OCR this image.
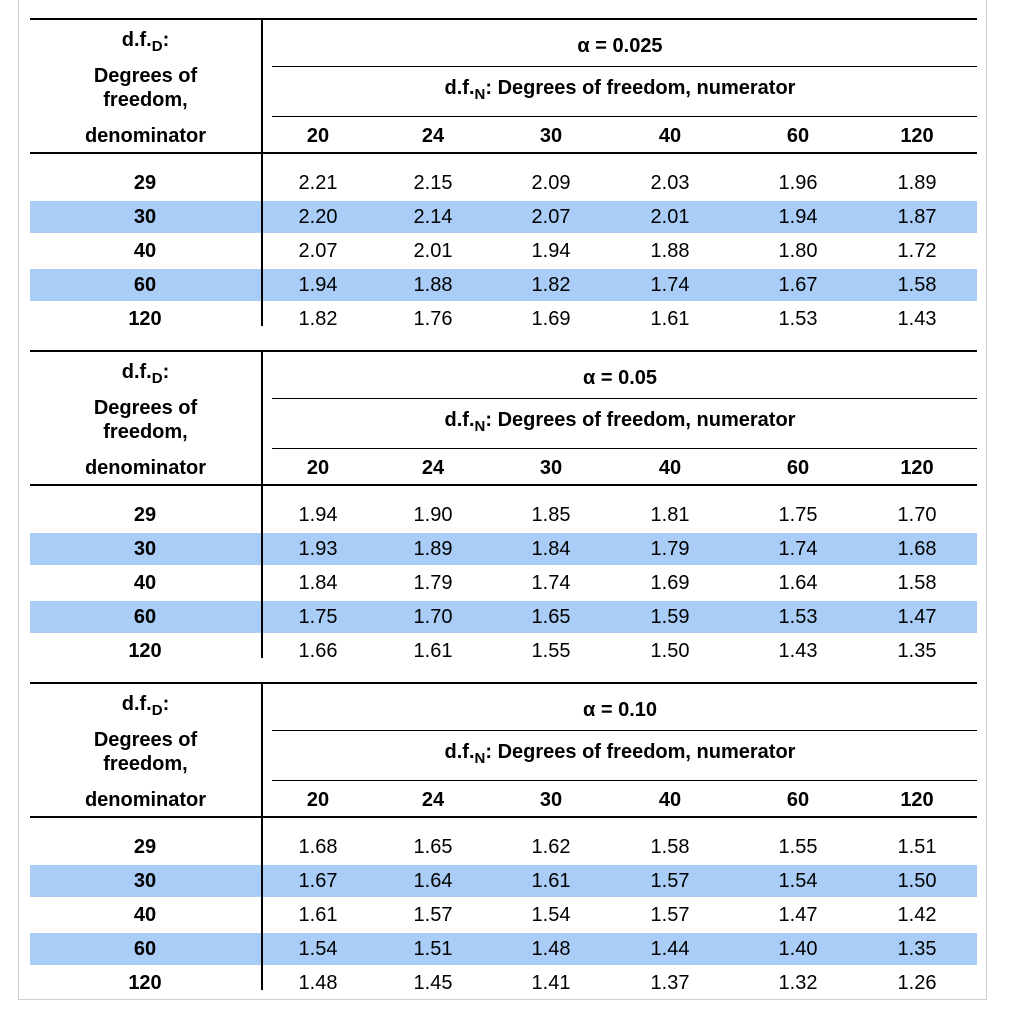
$d.f._D$:
Degrees of
freedom,
denominator
α = 0.025
$d.f._N$: Degrees of freedom, numerator
20	24	30	40	60	120
29	2.21	2.15	2.09	2.03	1.96	1.89
30	2.20	2.14	2.07	2.01	1.94	1.87
40	2.07	2.01	1.94	1.88	1.80	1.72
60	1.94	1.88	1.82	1.74	1.67	1.58
120	1.82	1.76	1.69	1.61	1.53	1.43
$d.f._D$:
Degrees of
freedom,
denominator
α = 0.05
$d.f._N$: Degrees of freedom, numerator
20	24	30	40	60	120
29	1.94	1.90	1.85	1.81	1.75	1.70
30	1.93	1.89	1.84	1.79	1.74	1.68
40	1.84	1.79	1.74	1.69	1.64	1.58
60	1.75	1.70	1.65	1.59	1.53	1.47
120	1.66	1.61	1.55	1.50	1.43	1.35
$d.f._D$:
Degrees of
freedom,
denominator
α = 0.10
$d.f._N$: Degrees of freedom, numerator
20	24	30	40	60	120
29	1.68	1.65	1.62	1.58	1.55	1.51
30	1.67	1.64	1.61	1.57	1.54	1.50
40	1.61	1.57	1.54	1.57	1.47	1.42
60	1.54	1.51	1.48	1.44	1.40	1.35
120	1.48	1.45	1.41	1.37	1.32	1.26
